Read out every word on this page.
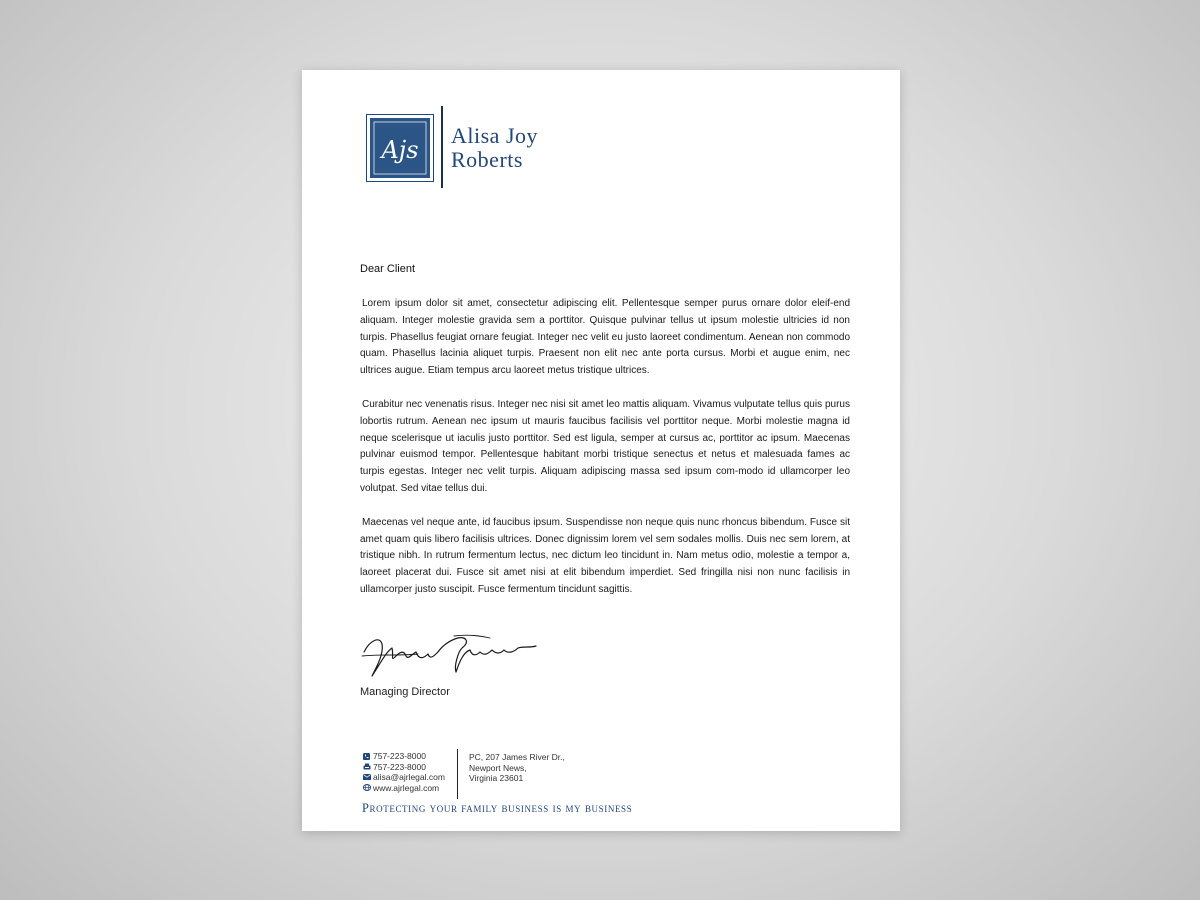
Ajs
Alisa Joy
Roberts
Dear Client

Lorem ipsum dolor sit amet, consectetur adipiscing elit. Pellentesque semper purus ornare dolor eleif-end aliquam. Integer molestie gravida sem a porttitor. Quisque pulvinar tellus ut ipsum molestie ultricies id non turpis. Phasellus feugiat ornare feugiat. Integer nec velit eu justo laoreet condimentum. Aenean non commodo quam. Phasellus lacinia aliquet turpis. Praesent non elit nec ante porta cursus. Morbi et augue enim, nec ultrices augue. Etiam tempus arcu laoreet metus tristique ultrices.

Curabitur nec venenatis risus. Integer nec nisi sit amet leo mattis aliquam. Vivamus vulputate tellus quis purus lobortis rutrum. Aenean nec ipsum ut mauris faucibus facilisis vel porttitor neque. Morbi molestie magna id neque scelerisque ut iaculis justo porttitor. Sed est ligula, semper at cursus ac, porttitor ac ipsum. Maecenas pulvinar euismod tempor. Pellentesque habitant morbi tristique senectus et netus et malesuada fames ac turpis egestas. Integer nec velit turpis. Aliquam adipiscing massa sed ipsum com-modo id ullamcorper leo volutpat. Sed vitae tellus dui.

Maecenas vel neque ante, id faucibus ipsum. Suspendisse non neque quis nunc rhoncus bibendum. Fusce sit amet quam quis libero facilisis ultrices. Donec dignissim lorem vel sem sodales mollis. Duis nec sem lorem, at tristique nibh. In rutrum fermentum lectus, nec dictum leo tincidunt in. Nam metus odio, molestie a tempor a, laoreet placerat dui. Fusce sit amet nisi at elit bibendum imperdiet. Sed fringilla nisi non nunc facilisis in ullamcorper justo suscipit. Fusce fermentum tincidunt sagittis.

Managing Director
757-223-8000
757-223-8000
alisa@ajrlegal.com
www.ajrlegal.com
PC, 207 James River Dr.,
Newport News,
Virginia 23601
Protecting your family business is my business
